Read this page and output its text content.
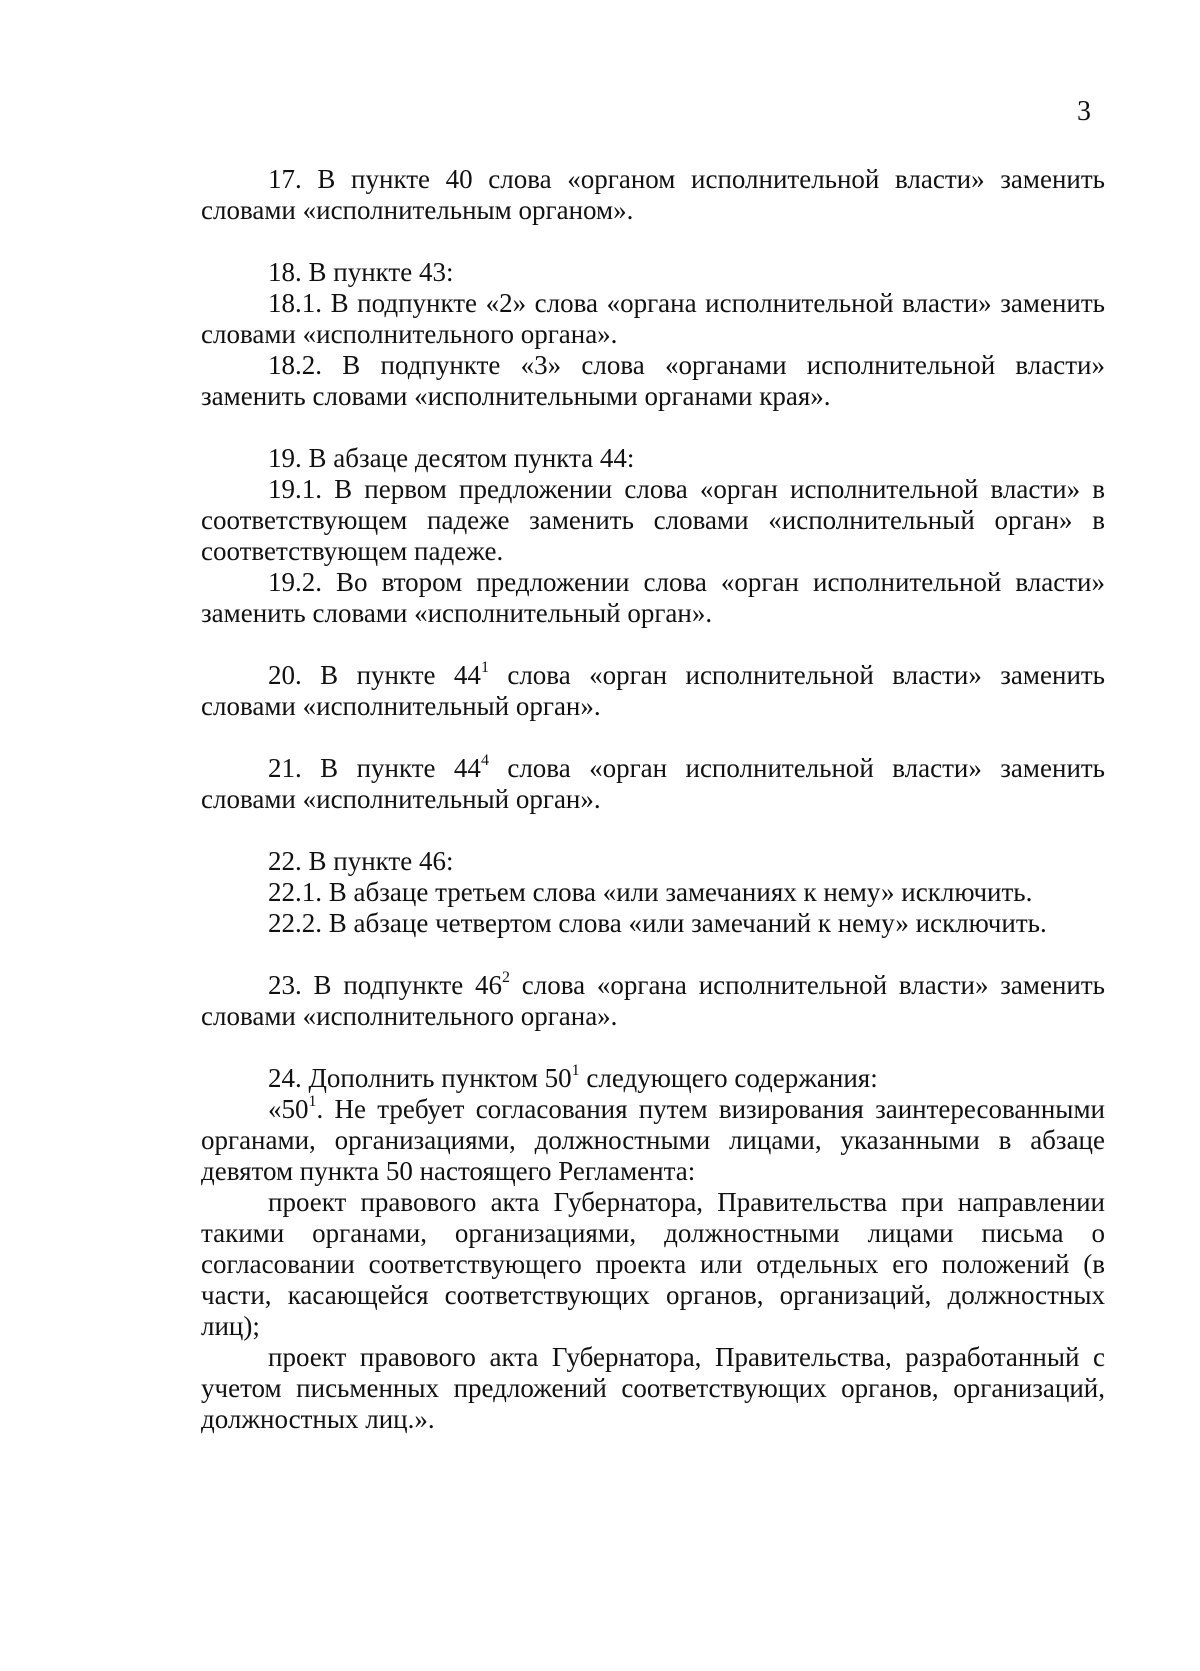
3

17. В пункте 40 слова «органом исполнительной власти» заменить словами «исполнительным органом».

18. В пункте 43:

18.1. В подпункте «2» слова «органа исполнительной власти» заменить словами «исполнительного органа».

18.2. В подпункте «3» слова «органами исполнительной власти» заменить словами «исполнительными органами края».

19. В абзаце десятом пункта 44:

19.1. В первом предложении слова «орган исполнительной власти» в соответствующем падеже заменить словами «исполнительный орган» в соответствующем падеже.

19.2. Во втором предложении слова «орган исполнительной власти» заменить словами «исполнительный орган».

20. В пункте $44^1$ слова «орган исполнительной власти» заменить словами «исполнительный орган».

21. В пункте $44^4$ слова «орган исполнительной власти» заменить словами «исполнительный орган».

22. В пункте 46:

22.1. В абзаце третьем слова «или замечаниях к нему» исключить.

22.2. В абзаце четвертом слова «или замечаний к нему» исключить.

23. В подпункте $46^2$ слова «органа исполнительной власти» заменить словами «исполнительного органа».

24. Дополнить пунктом $50^1$ следующего содержания:

«$50^1$. Не требует согласования путем визирования заинтересованными органами, организациями, должностными лицами, указанными в абзаце девятом пункта 50 настоящего Регламента:

проект правового акта Губернатора, Правительства при направлении такими органами, организациями, должностными лицами письма о согласовании соответствующего проекта или отдельных его положений (в части, касающейся соответствующих органов, организаций, должностных лиц);

проект правового акта Губернатора, Правительства, разработанный с учетом письменных предложений соответствующих органов, организаций, должностных лиц.».
